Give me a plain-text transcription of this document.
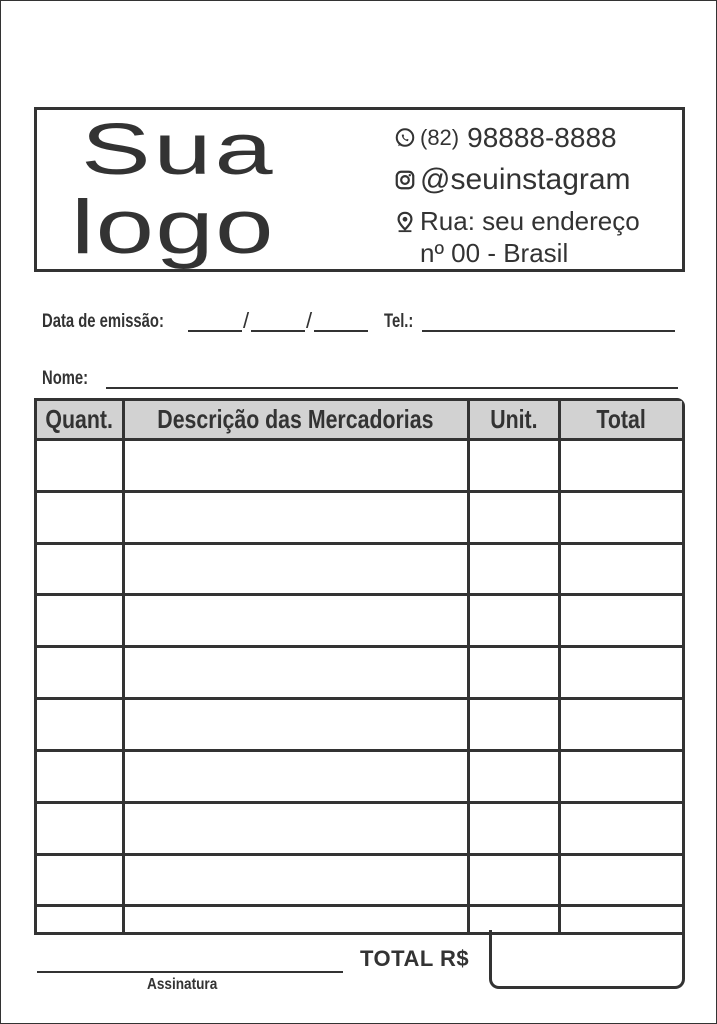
Sua
logo
(82) 98888-8888
@seuinstagram
Rua: seu endereço
nº 00 - Brasil
Data de emissão:	/	/	Tel.:
Nome:
Quant.	Descrição das Mercadorias	Unit.	Total

TOTAL R$
Assinatura
